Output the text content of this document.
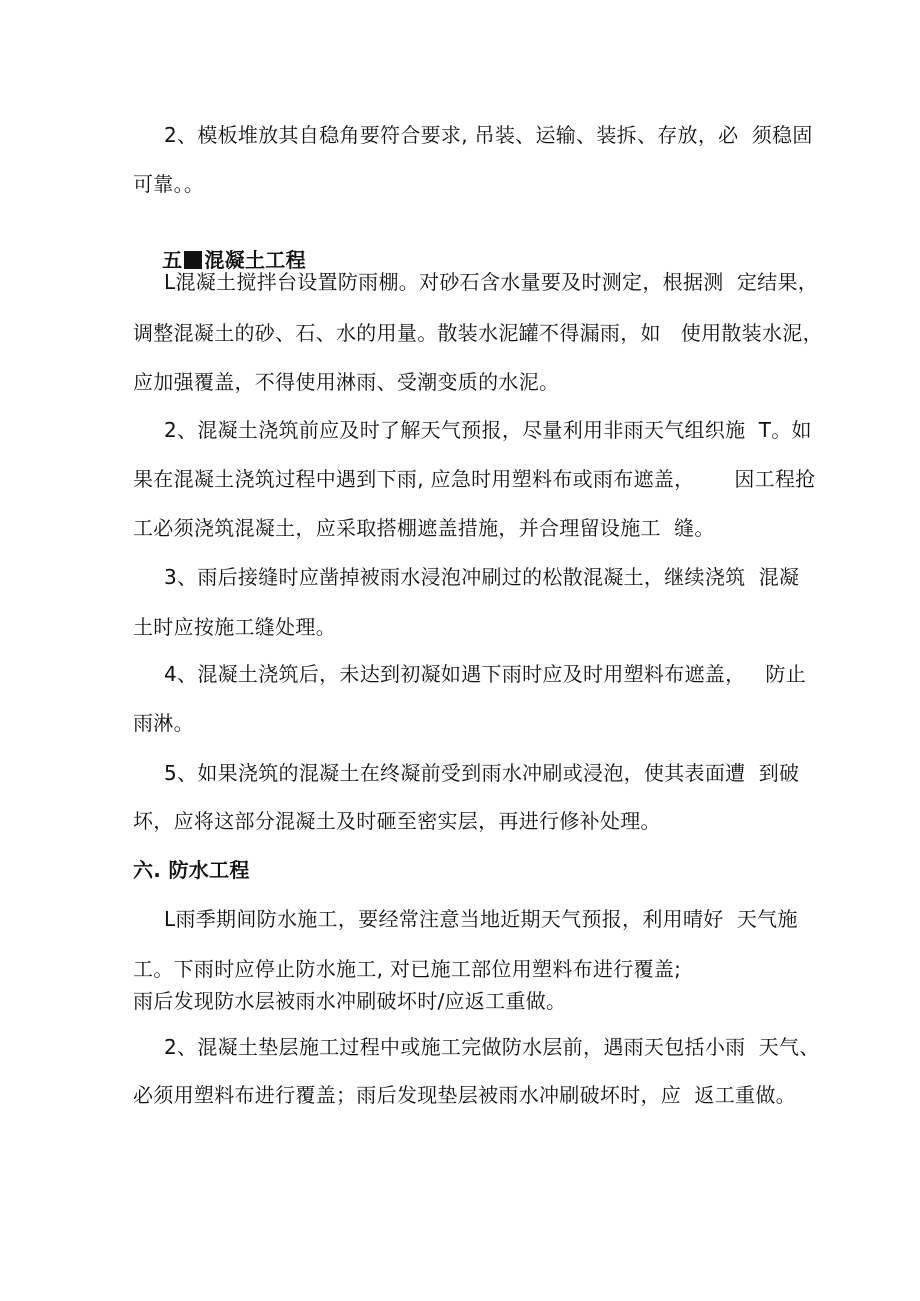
2、模板堆放其自稳角要符合要求, 吊装、运输、装拆、存放，必  须稳固
可靠。。

五 混凝土工程

L混凝土搅拌台设置防雨棚。对砂石含水量要及时测定，根据测  定结果，
调整混凝土的砂、石、水的用量。散装水泥罐不得漏雨，如   使用散装水泥，
应加强覆盖，不得使用淋雨、受潮变质的水泥。
2、混凝土浇筑前应及时了解天气预报，尽量利用非雨天气组织施  T。如
果在混凝土浇筑过程中遇到下雨, 应急时用塑料布或雨布遮盖，      因工程抢
工必须浇筑混凝土，应采取搭棚遮盖措施，并合理留设施工  缝。
3、雨后接缝时应凿掉被雨水浸泡冲刷过的松散混凝土，继续浇筑  混凝
土时应按施工缝处理。
4、混凝土浇筑后，未达到初凝如遇下雨时应及时用塑料布遮盖，   防止
雨淋。
5、如果浇筑的混凝土在终凝前受到雨水冲刷或浸泡，使其表面遭  到破
坏，应将这部分混凝土及时砸至密实层，再进行修补处理。
六. 防水工程
L雨季期间防水施工，要经常注意当地近期天气预报，利用晴好  天气施
工。下雨时应停止防水施工, 对已施工部位用塑料布进行覆盖;
雨后发现防水层被雨水冲刷破坏时/应返工重做。
2、混凝土垫层施工过程中或施工完做防水层前，遇雨天包括小雨  天气、
必须用塑料布进行覆盖；雨后发现垫层被雨水冲刷破坏时，应  返工重做。
